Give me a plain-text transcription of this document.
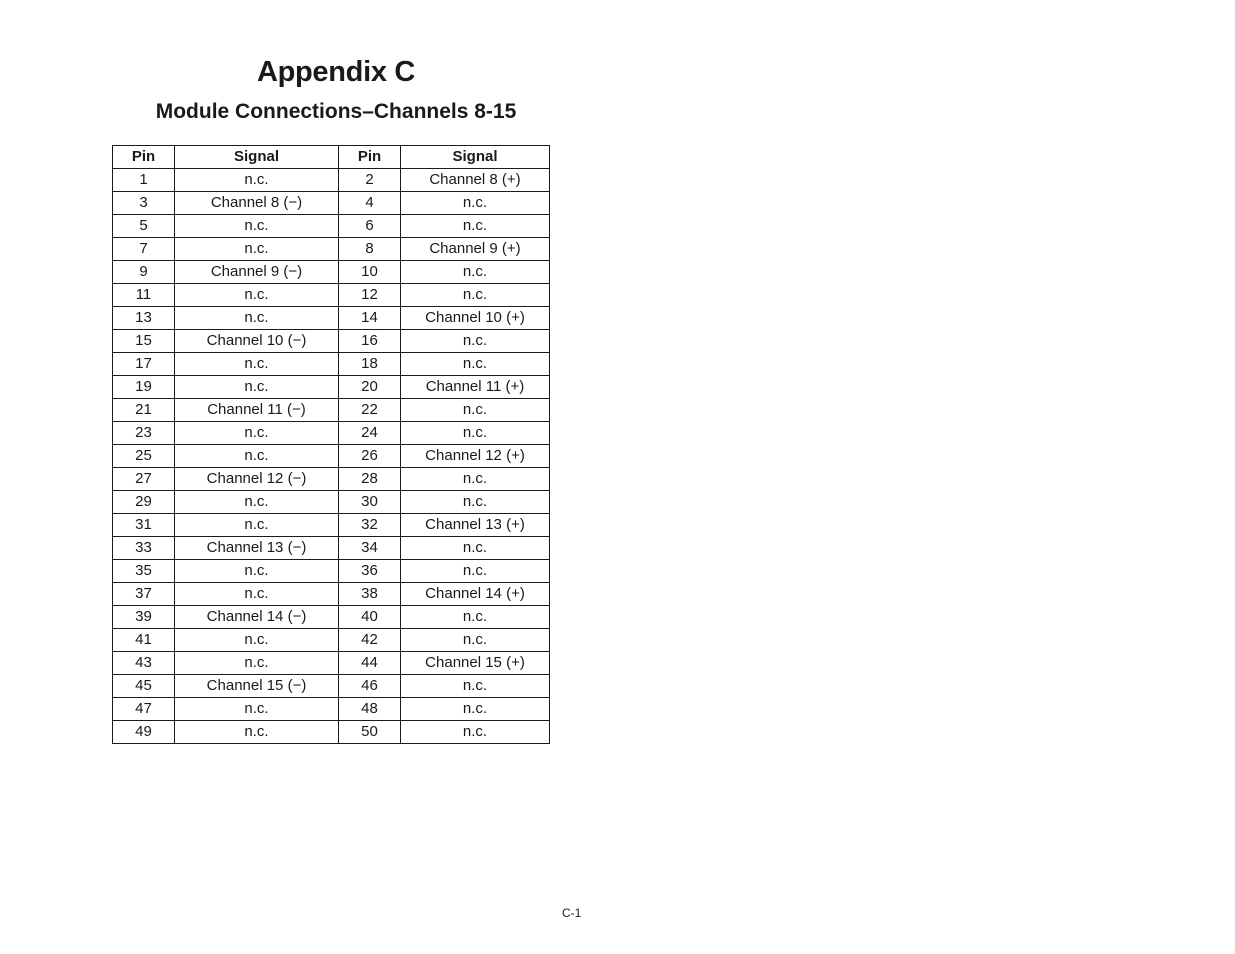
Appendix C
Module Connections–Channels 8-15
Pin	Signal	Pin	Signal
1	n.c.	2	Channel 8 (+)
3	Channel 8 (−)	4	n.c.
5	n.c.	6	n.c.
7	n.c.	8	Channel 9 (+)
9	Channel 9 (−)	10	n.c.
11	n.c.	12	n.c.
13	n.c.	14	Channel 10 (+)
15	Channel 10 (−)	16	n.c.
17	n.c.	18	n.c.
19	n.c.	20	Channel 11 (+)
21	Channel 11 (−)	22	n.c.
23	n.c.	24	n.c.
25	n.c.	26	Channel 12 (+)
27	Channel 12 (−)	28	n.c.
29	n.c.	30	n.c.
31	n.c.	32	Channel 13 (+)
33	Channel 13 (−)	34	n.c.
35	n.c.	36	n.c.
37	n.c.	38	Channel 14 (+)
39	Channel 14 (−)	40	n.c.
41	n.c.	42	n.c.
43	n.c.	44	Channel 15 (+)
45	Channel 15 (−)	46	n.c.
47	n.c.	48	n.c.
49	n.c.	50	n.c.
C-1
